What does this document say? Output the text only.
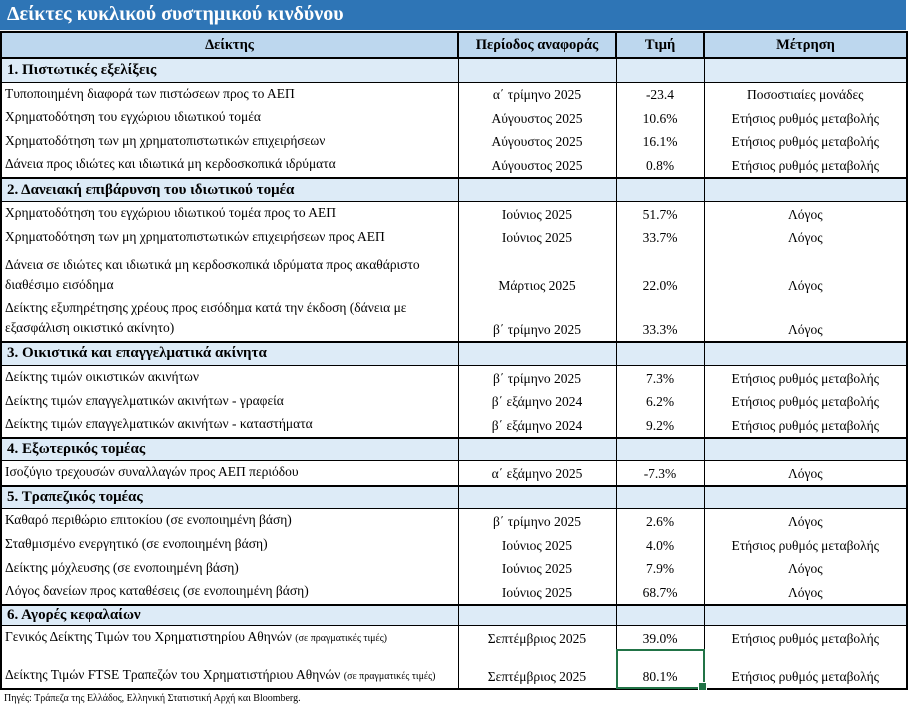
Δείκτες κυκλικού συστημικού κινδύνου
Δείκτης	Περίοδος αναφοράς	Τιμή	Μέτρηση
1. Πιστωτικές εξελίξεις			
Τυποποιημένη διαφορά των πιστώσεων προς το ΑΕΠ	α΄ τρίμηνο 2025	-23.4	Ποσοστιαίες μονάδες
Χρηματοδότηση του εγχώριου ιδιωτικού τομέα	Αύγουστος 2025	10.6%	Ετήσιος ρυθμός μεταβολής
Χρηματοδότηση των μη χρηματοπιστωτικών επιχειρήσεων	Αύγουστος 2025	16.1%	Ετήσιος ρυθμός μεταβολής
Δάνεια προς ιδιώτες και ιδιωτικά μη κερδοσκοπικά ιδρύματα	Αύγουστος 2025	0.8%	Ετήσιος ρυθμός μεταβολής
2. Δανειακή επιβάρυνση του ιδιωτικού τομέα			
Χρηματοδότηση του εγχώριου ιδιωτικού τομέα προς το ΑΕΠ	Ιούνιος 2025	51.7%	Λόγος
Χρηματοδότηση των μη χρηματοπιστωτικών επιχειρήσεων προς ΑΕΠ	Ιούνιος 2025	33.7%	Λόγος
Δάνεια σε ιδιώτες και ιδιωτικά μη κερδοσκοπικά ιδρύματα προς ακαθάριστο διαθέσιμο εισόδημα	Μάρτιος 2025	22.0%	Λόγος
Δείκτης εξυπηρέτησης χρέους προς εισόδημα κατά την έκδοση (δάνεια με εξασφάλιση οικιστικό ακίνητο)	β΄ τρίμηνο 2025	33.3%	Λόγος
3. Οικιστικά και επαγγελματικά ακίνητα			
Δείκτης τιμών οικιστικών ακινήτων	β΄ τρίμηνο 2025	7.3%	Ετήσιος ρυθμός μεταβολής
Δείκτης τιμών επαγγελματικών ακινήτων - γραφεία	β΄ εξάμηνο 2024	6.2%	Ετήσιος ρυθμός μεταβολής
Δείκτης τιμών επαγγελματικών ακινήτων - καταστήματα	β΄ εξάμηνο 2024	9.2%	Ετήσιος ρυθμός μεταβολής
4. Εξωτερικός τομέας			
Ισοζύγιο τρεχουσών συναλλαγών προς ΑΕΠ περιόδου	α΄ εξάμηνο 2025	-7.3%	Λόγος
5. Τραπεζικός τομέας			
Καθαρό περιθώριο επιτοκίου (σε ενοποιημένη βάση)	β΄ τρίμηνο 2025	2.6%	Λόγος
Σταθμισμένο ενεργητικό (σε ενοποιημένη βάση)	Ιούνιος 2025	4.0%	Ετήσιος ρυθμός μεταβολής
Δείκτης μόχλευσης (σε ενοποιημένη βάση)	Ιούνιος 2025	7.9%	Λόγος
Λόγος δανείων προς καταθέσεις (σε ενοποιημένη βάση)	Ιούνιος 2025	68.7%	Λόγος
6. Αγορές κεφαλαίων			
Γενικός Δείκτης Τιμών του Χρηματιστηρίου Αθηνών (σε πραγματικές τιμές)	Σεπτέμβριος 2025	39.0%	Ετήσιος ρυθμός μεταβολής
Δείκτης Τιμών FTSE Τραπεζών του Χρηματιστήριου Αθηνών (σε πραγματικές τιμές)	Σεπτέμβριος 2025	80.1%	Ετήσιος ρυθμός μεταβολής
Πηγές: Τράπεζα της Ελλάδος, Ελληνική Στατιστική Αρχή και Bloomberg.
